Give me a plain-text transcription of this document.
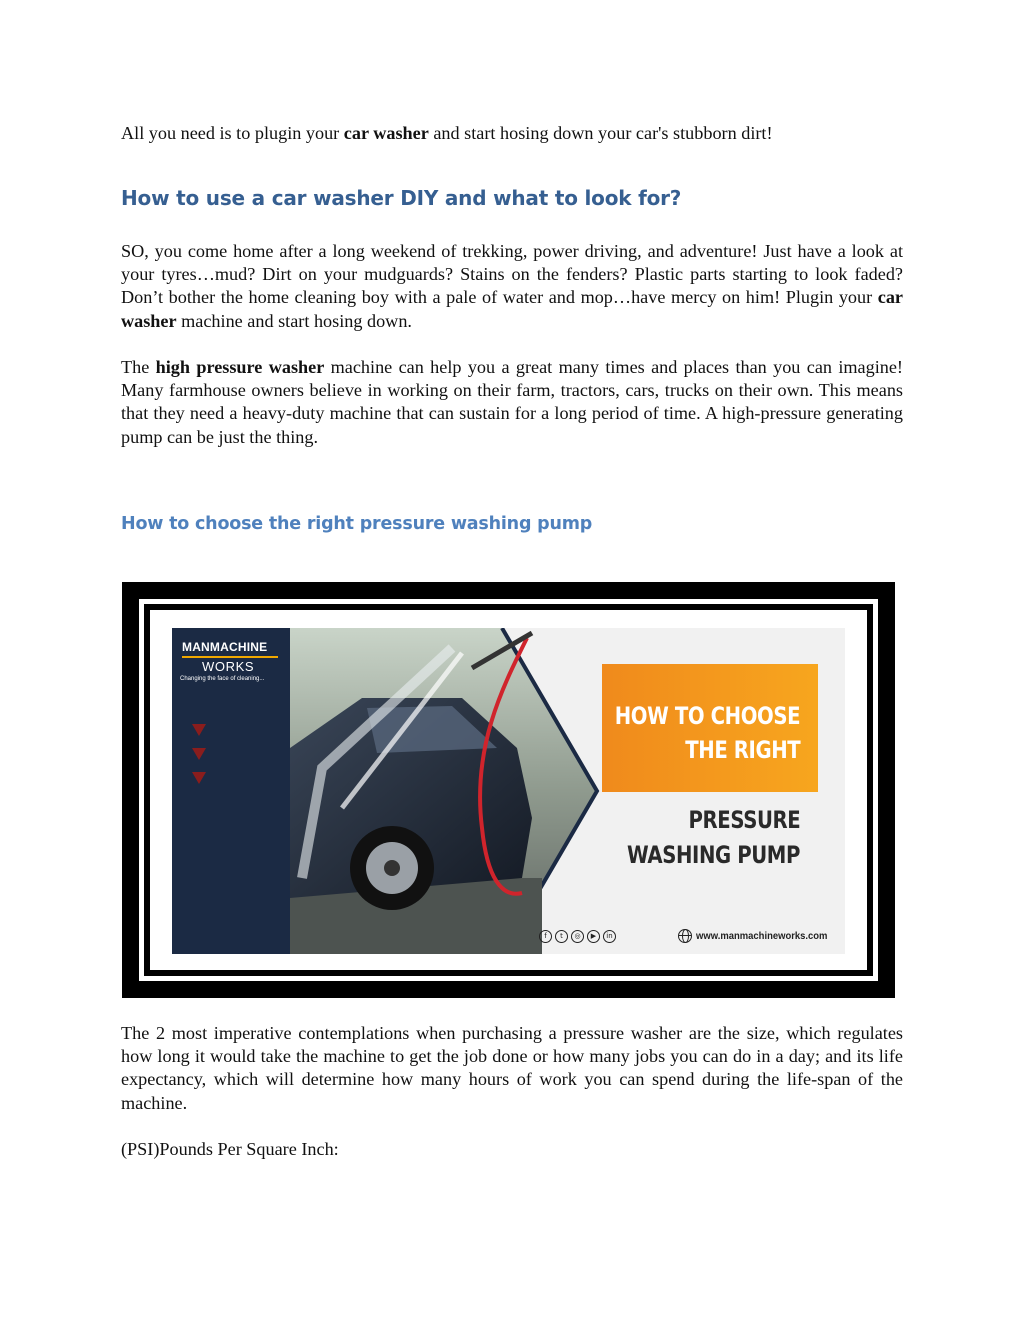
All you need is to plugin your car washer and start hosing down your car's stubborn dirt!

How to use a car washer DIY and what to look for?

SO, you come home after a long weekend of trekking, power driving, and adventure! Just have a look at your tyres…mud? Dirt on your mudguards? Stains on the fenders? Plastic parts starting to look faded? Don’t bother the home cleaning boy with a pale of water and mop…have mercy on him! Plugin your car washer machine and start hosing down.

The high pressure washer machine can help you a great many times and places than you can imagine! Many farmhouse owners believe in working on their farm, tractors, cars, trucks on their own. This means that they need a heavy-duty machine that can sustain for a long period of time. A high-pressure generating pump can be just the thing.

How to choose the right pressure washing pump

The 2 most imperative contemplations when purchasing a pressure washer are the size, which regulates how long it would take the machine to get the job done or how many jobs you can do in a day; and its life expectancy, which will determine how many hours of work you can spend during the life-span of the machine.

(PSI)Pounds Per Square Inch:

MANMACHINE
WORKS
Changing the face of cleaning...
HOW TO CHOOSE
THE RIGHT
PRESSURE
WASHING PUMP
f	t	◎	▶	in	www.manmachineworks.com
